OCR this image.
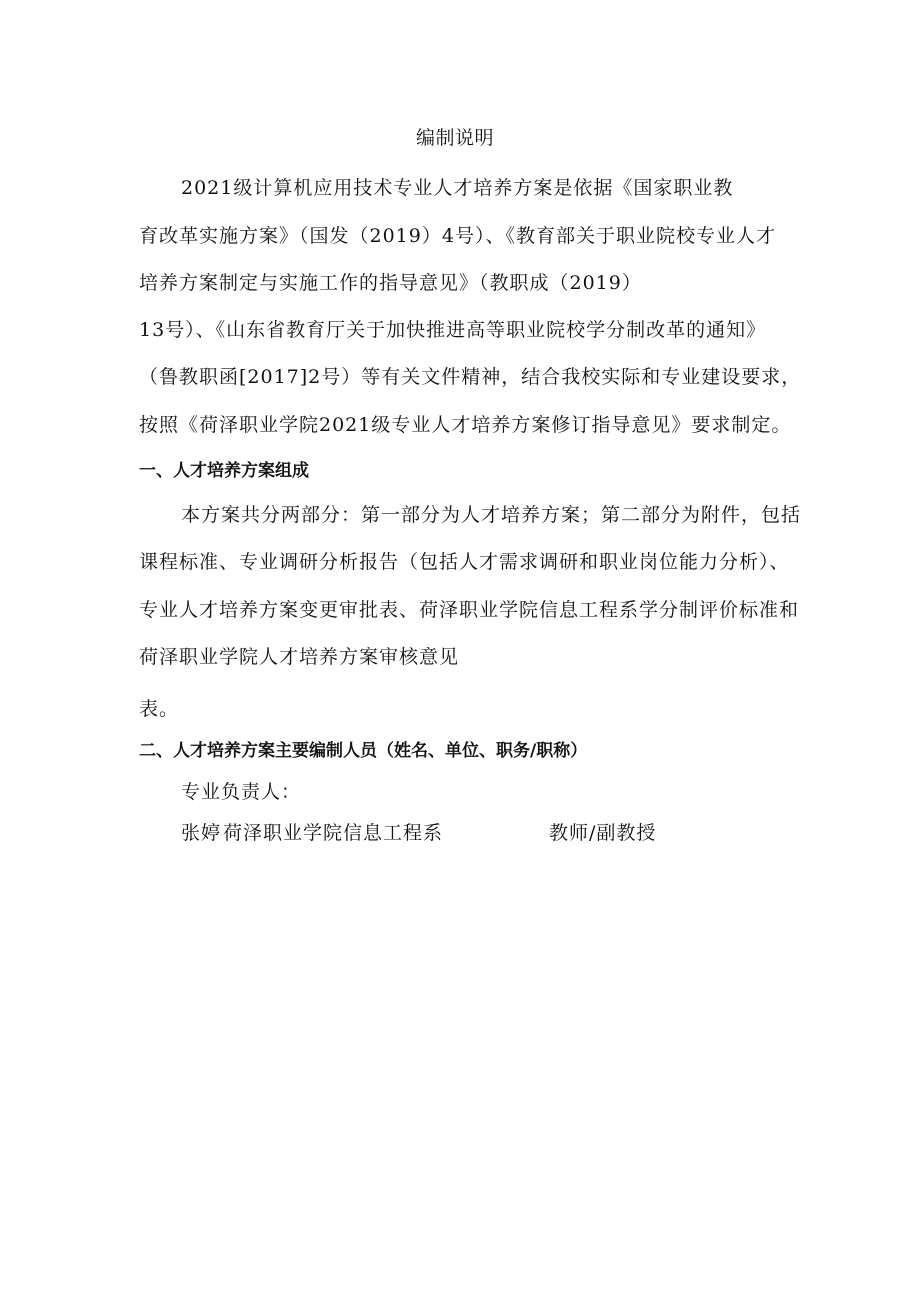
编制说明
2021级计算机应用技术专业人才培养方案是依据《国家职业教
育改革实施方案》（国发（2019）4号）、《教育部关于职业院校专业人才
培养方案制定与实施工作的指导意见》（教职成（2019）
13号）、《山东省教育厅关于加快推进高等职业院校学分制改革的通知》
（鲁教职函[2017]2号）等有关文件精神，结合我校实际和专业建设要求，
按照《荷泽职业学院2021级专业人才培养方案修订指导意见》要求制定。
一、人才培养方案组成
本方案共分两部分：第一部分为人才培养方案；第二部分为附件，包括
课程标准、专业调研分析报告（包括人才需求调研和职业岗位能力分析）、
专业人才培养方案变更审批表、荷泽职业学院信息工程系学分制评价标准和
荷泽职业学院人才培养方案审核意见
表。
二、人才培养方案主要编制人员（姓名、单位、职务/职称）
专业负责人：
张婷 荷泽职业学院信息工程系	教师/副教授
